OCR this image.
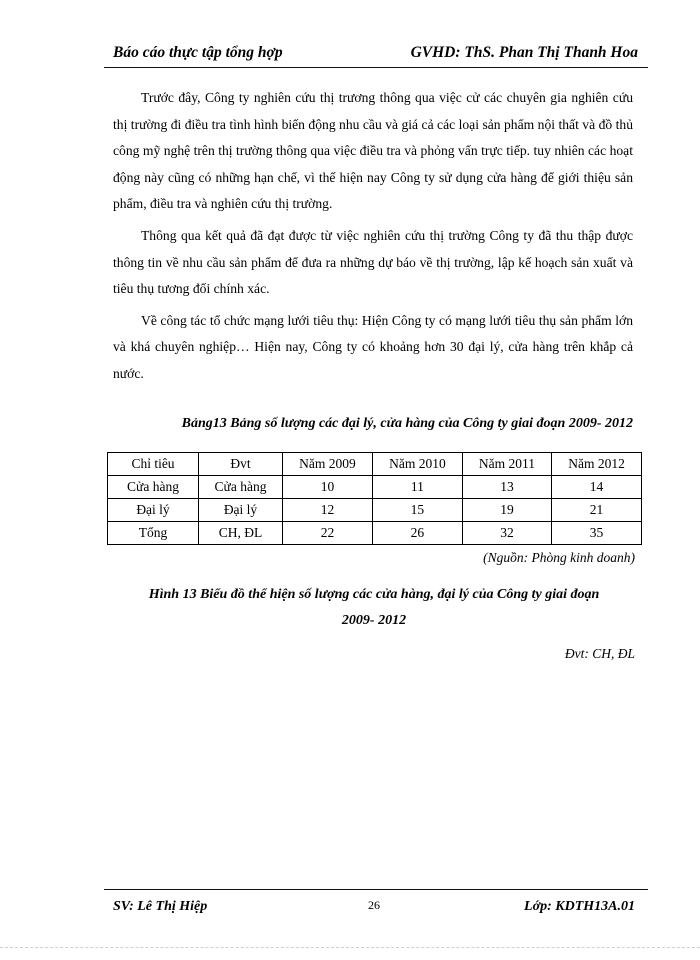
Báo cáo thực tập tổng hợp	GVHD: ThS. Phan Thị Thanh Hoa

Trước đây, Công ty nghiên cứu thị trương thông qua việc cử các chuyên gia nghiên cứu thị trường đi điều tra tình hình biến động nhu cầu và giá cả các loại sản phẩm nội thất và đồ thủ công mỹ nghệ trên thị trường thông qua việc điều tra và phỏng vấn trực tiếp. tuy nhiên các hoạt động này cũng có những hạn chế, vì thế hiện nay Công ty sử dụng cửa hàng để giới thiệu sản phẩm, điều tra và nghiên cứu thị trường.

Thông qua kết quả đã đạt được từ việc nghiên cứu thị trường Công ty đã thu thập được thông tin về nhu cầu sản phẩm để đưa ra những dự báo về thị trường, lập kế hoạch sản xuất và tiêu thụ tương đối chính xác.

Về công tác tổ chức mạng lưới tiêu thụ: Hiện Công ty có mạng lưới tiêu thụ sản phẩm lớn và khá chuyên nghiệp… Hiện nay, Công ty có khoảng hơn 30 đại lý, cửa hàng trên khắp cả nước.

Bảng13 Bảng số lượng các đại lý, cửa hàng của Công ty giai đoạn 2009- 2012
Chỉ tiêu	Đvt	Năm 2009	Năm 2010	Năm 2011	Năm 2012
Cửa hàng	Cửa hàng	10	11	13	14
Đại lý	Đại lý	12	15	19	21
Tổng	CH, ĐL	22	26	32	35
(Nguồn: Phòng kinh doanh)
Hình 13 Biểu đồ thể hiện số lượng các cửa hàng, đại lý của Công ty giai đoạn
2009- 2012
Đvt: CH, ĐL
SV: Lê Thị Hiệp	26	Lớp: KDTH13A.01
